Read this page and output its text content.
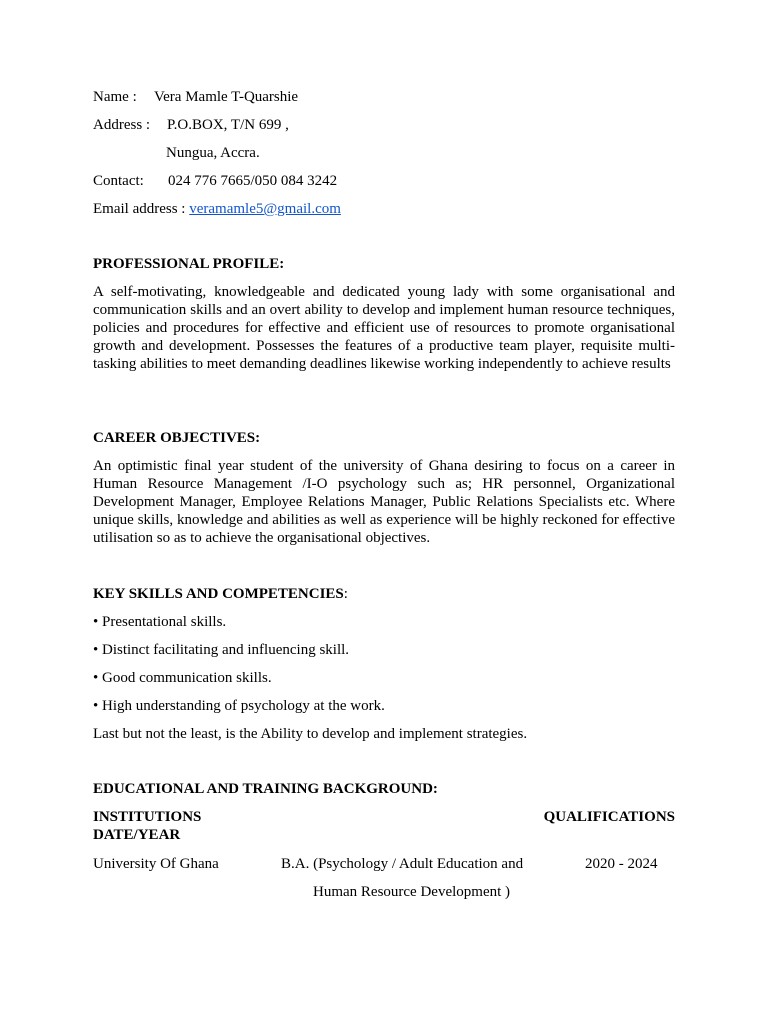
Name : Vera Mamle T-Quarshie
Address : P.O.BOX, T/N 699 ,
Nungua, Accra.
Contact: 024 776 7665/050 084 3242
Email address : veramamle5@gmail.com
PROFESSIONAL PROFILE:
A self-motivating, knowledgeable and dedicated young lady with some organisational and communication skills and an overt ability to develop and implement human resource techniques, policies and procedures for effective and efficient use of resources to promote organisational growth and development. Possesses the features of a productive team player, requisite multi-tasking abilities to meet demanding deadlines likewise working independently to achieve results
CAREER OBJECTIVES:
An optimistic final year student of the university of Ghana desiring to focus on a career in Human Resource Management /I-O psychology such as; HR personnel, Organizational Development Manager, Employee Relations Manager, Public Relations Specialists etc. Where unique skills, knowledge and abilities as well as experience will be highly reckoned for effective utilisation so as to achieve the organisational objectives.
KEY SKILLS AND COMPETENCIES:
• Presentational skills.
• Distinct facilitating and influencing skill.
• Good communication skills.
• High understanding of psychology at the work.
Last but not the least, is the Ability to develop and implement strategies.
EDUCATIONAL AND TRAINING BACKGROUND:
INSTITUTIONS	QUALIFICATIONS
DATE/YEAR
University Of Ghana	B.A. (Psychology / Adult Education and	2020 - 2024
Human Resource Development )
